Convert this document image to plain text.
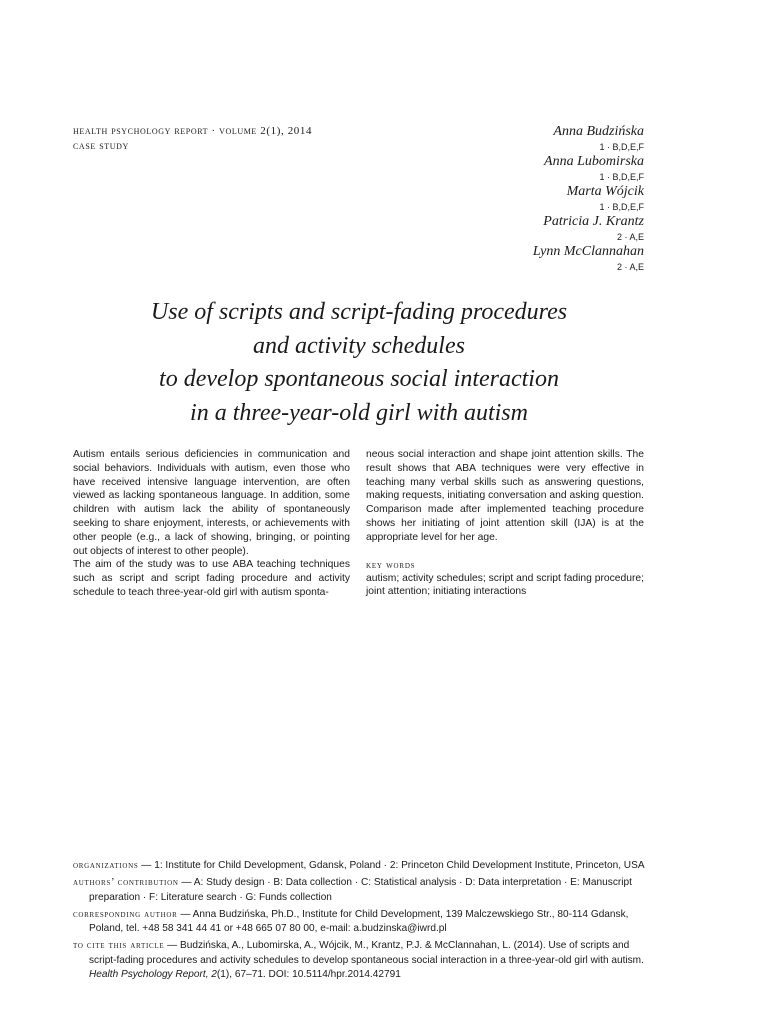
health psychology report · volume 2(1), 2014
case study
Anna Budzińska
1 · B,D,E,F
Anna Lubomirska
1 · B,D,E,F
Marta Wójcik
1 · B,D,E,F
Patricia J. Krantz
2 · A,E
Lynn McClannahan
2 · A,E
Use of scripts and script-fading procedures
and activity schedules
to develop spontaneous social interaction
in a three-year-old girl with autism

Autism entails serious deficiencies in communication and social behaviors. Individuals with autism, even those who have received intensive language intervention, are often viewed as lacking spontaneous language. In addition, some children with autism lack the ability of spontaneously seeking to share enjoyment, interests, or achievements with other people (e.g., a lack of showing, bringing, or pointing out objects of interest to other people).

The aim of the study was to use ABA teaching techniques such as script and script fading procedure and activity schedule to teach three-year-old girl with autism sponta-

neous social interaction and shape joint attention skills. The result shows that ABA techniques were very effective in teaching many verbal skills such as answering questions, making requests, initiating conversation and asking question. Comparison made after implemented teaching procedure shows her initiating of joint attention skill (IJA) is at the appropriate level for her age.

key words

autism; activity schedules; script and script fading procedure; joint attention; initiating interactions

organizations — 1: Institute for Child Development, Gdansk, Poland · 2: Princeton Child Development Institute, Princeton, USA

authors’ contribution — A: Study design · B: Data collection · C: Statistical analysis · D: Data interpretation · E: Manuscript preparation · F: Literature search · G: Funds collection

corresponding author — Anna Budzińska, Ph.D., Institute for Child Development, 139 Malczewskiego Str., 80-114 Gdansk, Poland, tel. +48 58 341 44 41 or +48 665 07 80 00, e-mail: a.budzinska@iwrd.pl

to cite this article — Budzińska, A., Lubomirska, A., Wójcik, M., Krantz, P.J. & McClannahan, L. (2014). Use of scripts and script-fading procedures and activity schedules to develop spontaneous social interaction in a three-year-old girl with autism. Health Psychology Report, 2(1), 67–71. DOI: 10.5114/hpr.2014.42791
